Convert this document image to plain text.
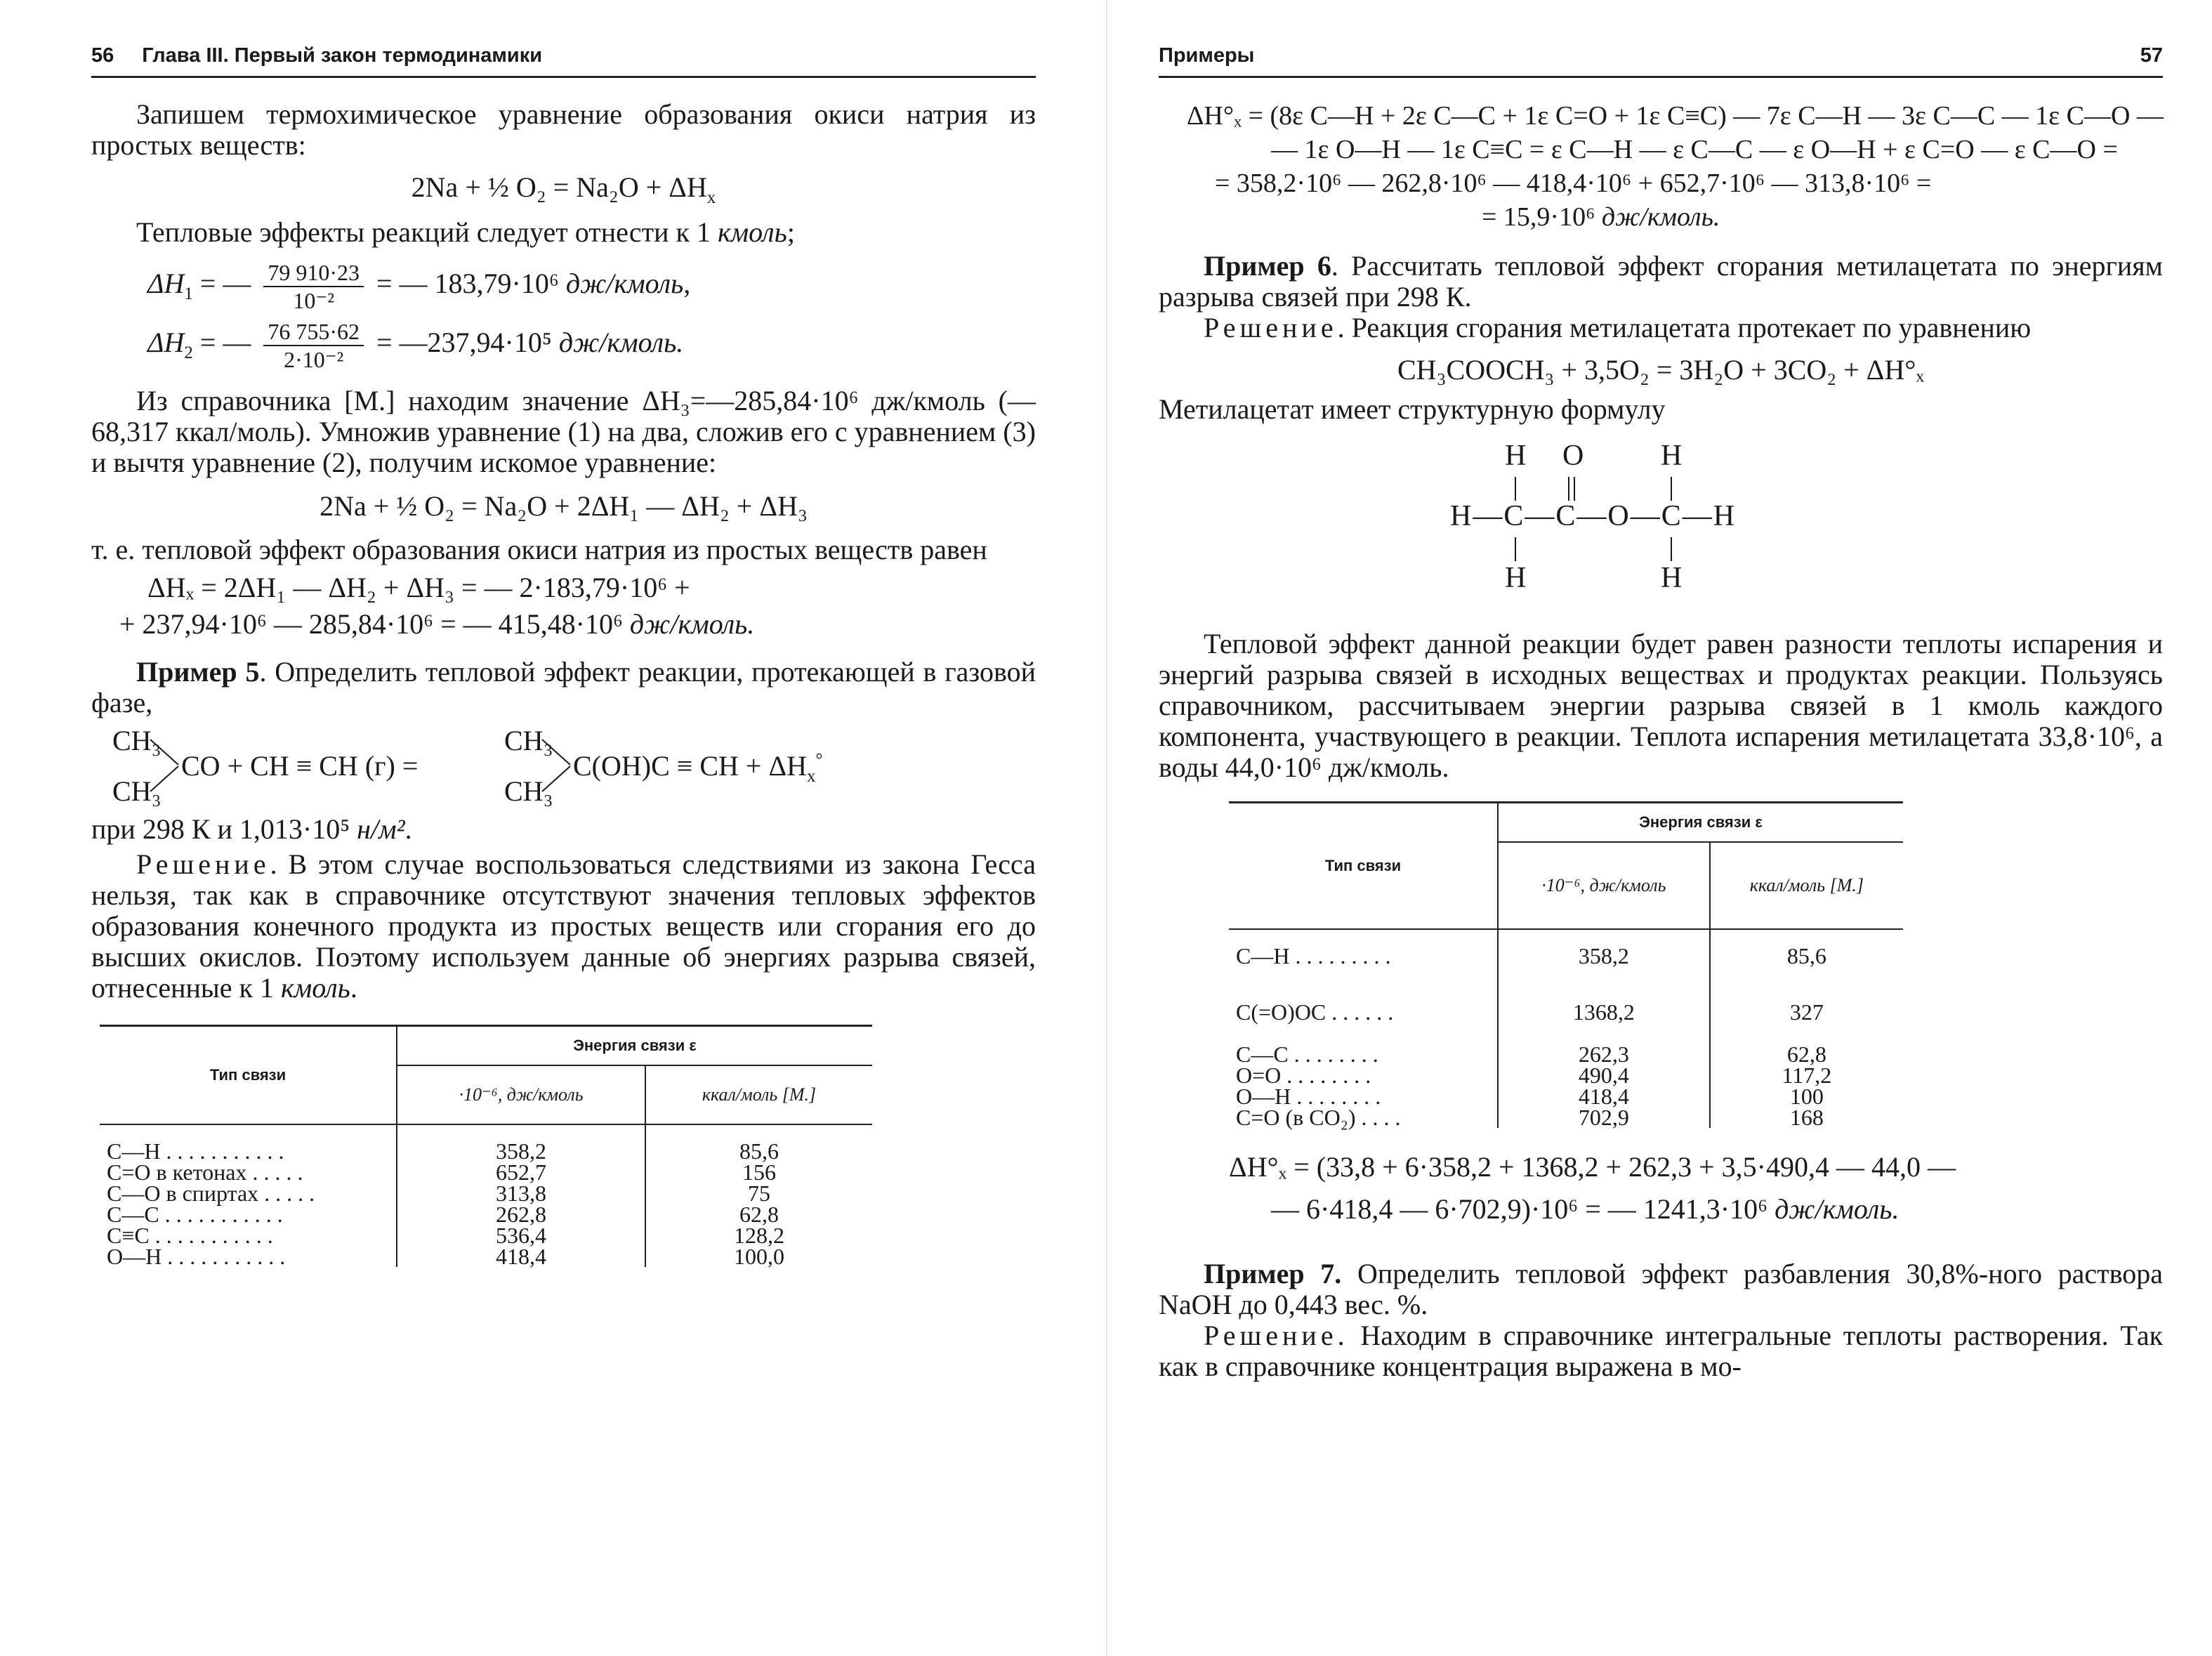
56 Глава III. Первый закон термодинамики

Запишем термохимическое уравнение образования окиси натрия из простых веществ:

2Na + ½ $O_2 = Na_2O + \Delta H_x$

Тепловые эффекты реакций следует отнести к 1 кмоль;

$\Delta H_1$ = — $\frac{79 910\cdot 23}{\text{10⁻²}}$ = — 183,79·10⁶ дж/кмоль,
$\Delta H_2$ = — $\frac{76 755\cdot 62}{\text{2·10⁻²}}$ = —237,94·10⁵ дж/кмоль.

Из справочника [М.] находим значение ΔH₃=—285,84·10⁶ дж/кмоль (—68,317 ккал/моль). Умножив уравнение (1) на два, сложив его с уравнением (3) и вычтя уравнение (2), получим искомое уравнение:

2Na + ½ O₂ = Na₂O + 2ΔH₁ — ΔH₂ + ΔH₃

т. е. тепловой эффект образования окиси натрия из простых веществ равен

ΔHₓ = 2ΔH₁ — ΔH₂ + ΔH₃ = — 2·183,79·10⁶ +
+ 237,94·10⁶ — 285,84·10⁶ = — 415,48·10⁶ дж/кмоль.

Пример 5. Определить тепловой эффект реакции, протекающей в газовой фазе,

CH₃
CH₃
CO + CH ≡ CH (г) =
CH₃
CH₃
C(OH)C ≡ CH + $\Delta H_x^\circ$

при 298 К и 1,013·10⁵ н/м².

Решение. В этом случае воспользоваться следствиями из закона Гесса нельзя, так как в справочнике отсутствуют значения тепловых эффектов образования конечного продукта из простых веществ или сгорания его до высших окислов. Поэтому используем данные об энергиях разрыва связей, отнесенные к 1 кмоль.

Тип связи	Энергия связи ε	
	·10⁻⁶, дж/кмоль	ккал/моль [М.]

C—H . . . . . . . . . . .	358,2	85,6
C=O в кетонах . . . . .	652,7	156
C—O в спиртах . . . . .	313,8	75
C—C . . . . . . . . . . .	262,8	62,8
C≡C . . . . . . . . . . .	536,4	128,2
O—H . . . . . . . . . . .	418,4	100,0
Примеры	57
ΔH°ₓ = (8ε C—H + 2ε C—C + 1ε C=O + 1ε C≡C) — 7ε C—H — 3ε C—C — 1ε C—O —
— 1ε O—H — 1ε C≡C = ε C—H — ε C—C — ε O—H + ε C=O — ε C—O =
= 358,2·10⁶ — 262,8·10⁶ — 418,4·10⁶ + 652,7·10⁶ — 313,8·10⁶ =
= 15,9·10⁶ дж/кмоль.

Пример 6. Рассчитать тепловой эффект сгорания метилацетата по энергиям разрыва связей при 298 К.

Решение. Реакция сгорания метилацетата протекает по уравнению

CH₃COOCH₃ + 3,5O₂ = 3H₂O + 3CO₂ + ΔH°ₓ

Метилацетат имеет структурную формулу

H O	H
H—C—C—O—C—H
H	H

Тепловой эффект данной реакции будет равен разности теплоты испарения и энергий разрыва связей в исходных веществах и продуктах реакции. Пользуясь справочником, рассчитываем энергии разрыва связей в 1 кмоль каждого компонента, участвующего в реакции. Теплота испарения метилацетата 33,8·10⁶, а воды 44,0·10⁶ дж/кмоль.

Тип связи	Энергия связи ε	
	·10⁻⁶, дж/кмоль	ккал/моль [М.]

C—H . . . . . . . . .	358,2	85,6
C(=O)OC . . . . . .	1368,2	327
C—C . . . . . . . .	262,3	62,8
O=O . . . . . . . .	490,4	117,2
O—H . . . . . . . .	418,4	100
C=O (в CO₂) . . . .	702,9	168
ΔH°ₓ = (33,8 + 6·358,2 + 1368,2 + 262,3 + 3,5·490,4 — 44,0 —
— 6·418,4 — 6·702,9)·10⁶ = — 1241,3·10⁶ дж/кмоль.

Пример 7. Определить тепловой эффект разбавления 30,8%-ного раствора NaOH до 0,443 вес. %.

Решение. Находим в справочнике интегральные теплоты растворения. Так как в справочнике концентрация выражена в мо-
